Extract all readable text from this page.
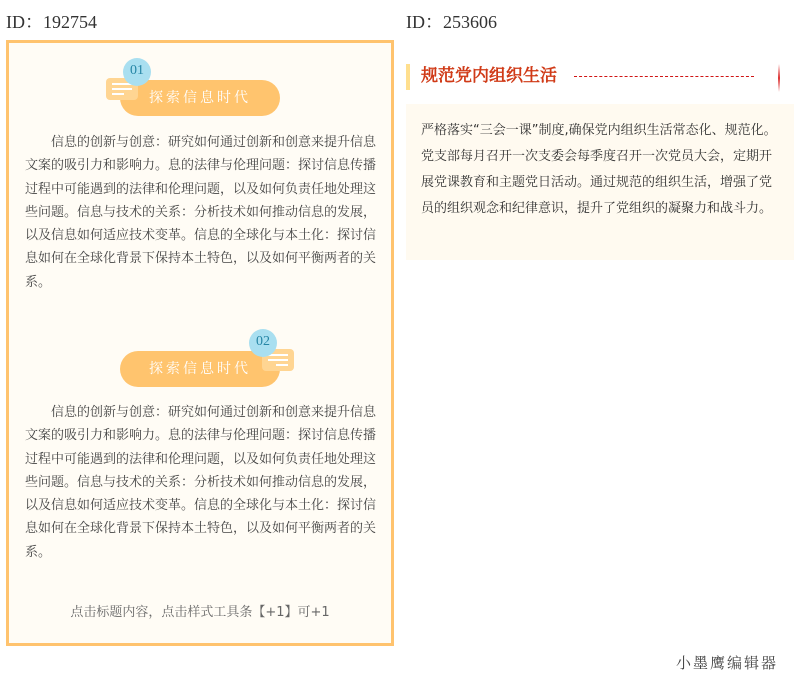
ID：192754	ID：253606
探索信息时代
01
信息的创新与创意：研究如何通过创新和创意来提升信息文案的吸引力和影响力。息的法律与伦理问题：探讨信息传播过程中可能遇到的法律和伦理问题，以及如何负责任地处理这些问题。信息与技术的关系：分析技术如何推动信息的发展，以及信息如何适应技术变革。信息的全球化与本土化：探讨信息如何在全球化背景下保持本土特色，以及如何平衡两者的关系。
探索信息时代
02
信息的创新与创意：研究如何通过创新和创意来提升信息文案的吸引力和影响力。息的法律与伦理问题：探讨信息传播过程中可能遇到的法律和伦理问题，以及如何负责任地处理这些问题。信息与技术的关系：分析技术如何推动信息的发展，以及信息如何适应技术变革。信息的全球化与本土化：探讨信息如何在全球化背景下保持本土特色，以及如何平衡两者的关系。
点击标题内容，点击样式工具条【+1】可+1
规范党内组织生活
严格落实“三会一课”制度,确保党内组织生活常态化、规范化。党支部每月召开一次支委会每季度召开一次党员大会，定期开展党课教育和主题党日活动。通过规范的组织生活，增强了党员的组织观念和纪律意识，提升了党组织的凝聚力和战斗力。
小墨鹰编辑器
